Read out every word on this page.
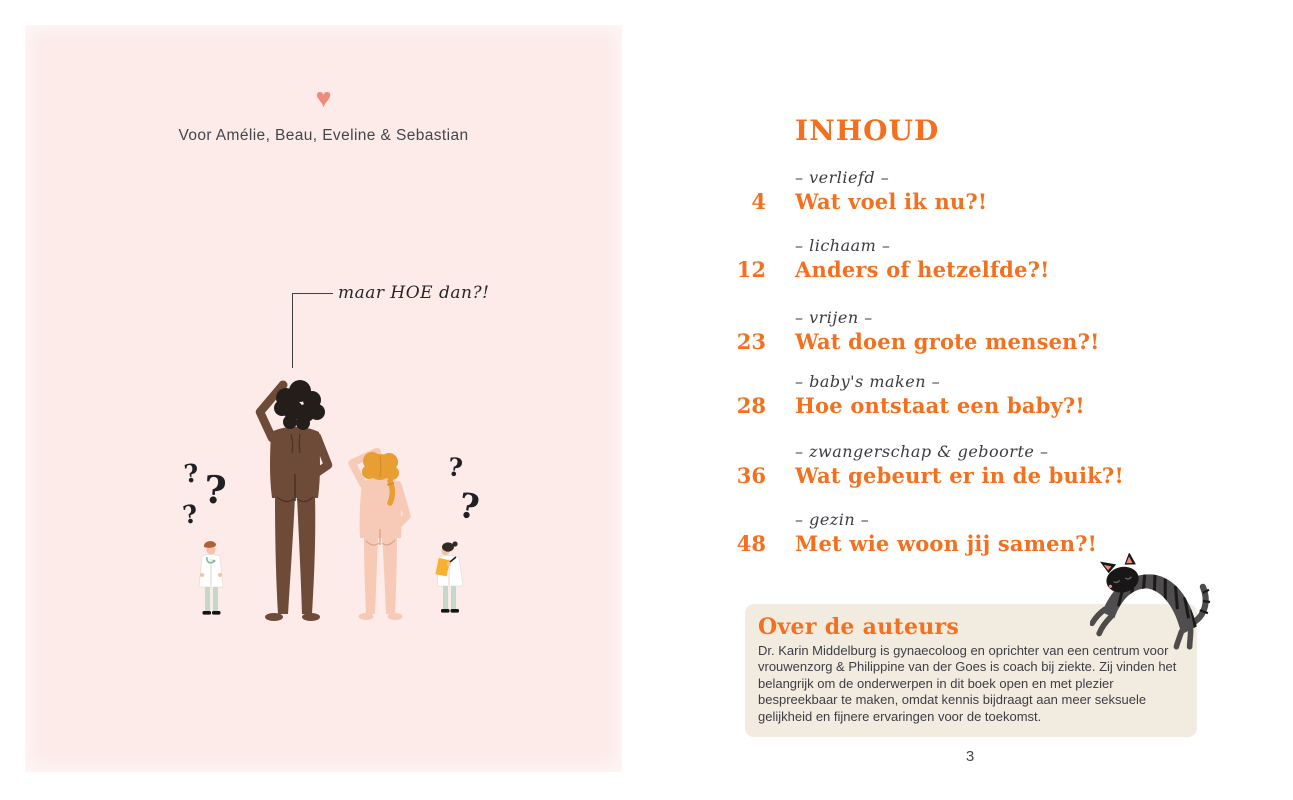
♥
Voor Amélie, Beau, Eveline & Sebastian
maar HOE dan?!
? ?
?
?
?
INHOUD
– verliefd –
4 Wat voel ik nu?!
– lichaam –
12 Anders of hetzelfde?!
– vrijen –
23 Wat doen grote mensen?!
– baby's maken –
28 Hoe ontstaat een baby?!
– zwangerschap & geboorte –
36 Wat gebeurt er in de buik?!
– gezin –
48 Met wie woon jij samen?!
Over de auteurs
Dr. Karin Middelburg is gynaecoloog en oprichter van een centrum voor vrouwenzorg & Philippine van der Goes is coach bij ziekte. Zij vinden het belangrijk om de onderwerpen in dit boek open en met plezier bespreekbaar te maken, omdat kennis bijdraagt aan meer seksuele gelijkheid en fijnere ervaringen voor de toekomst.
3
